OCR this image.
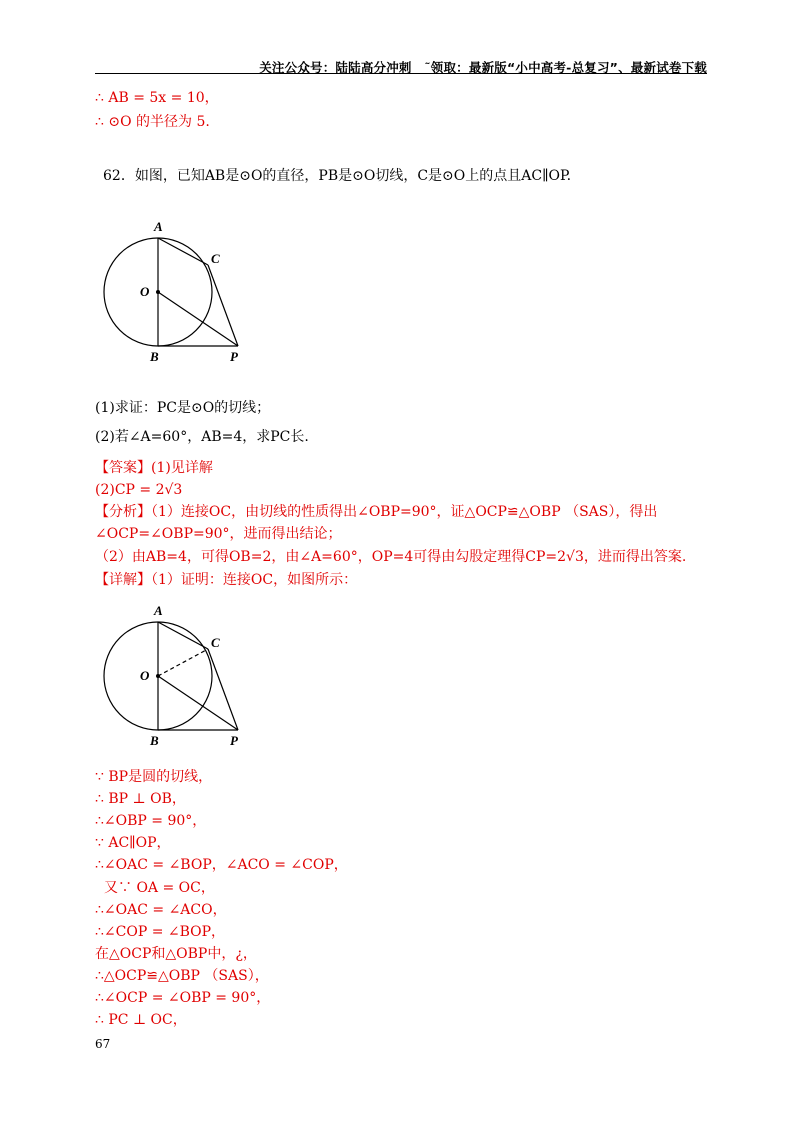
关注公众号：陆陆高分冲刺　˜领取：最新版“小中高考-总复习”、最新试卷下载
∴ AB = 5x = 10，
∴ ⊙O 的半径为 5.
62．如图，已知AB是⊙O的直径，PB是⊙O切线，C是⊙O上的点且AC∥OP.
A
C
O
B	P
(1)求证：PC是⊙O的切线；
(2)若∠A=60°，AB=4，求PC长.
【答案】(1)见详解
(2)CP = 2√3
【分析】（1）连接OC，由切线的性质得出∠OBP=90°，证△OCP≌△OBP （SAS），得出
∠OCP=∠OBP=90°，进而得出结论；
（2）由AB=4，可得OB=2，由∠A=60°，OP=4可得由勾股定理得CP=2√3，进而得出答案.
【详解】（1）证明：连接OC，如图所示：
A
C
O
B	P
∵ BP是圆的切线，
∴ BP ⊥ OB，
∴∠OBP = 90°，
∵ AC∥OP，
∴∠OAC = ∠BOP，∠ACO = ∠COP，
又∵ OA = OC，
∴∠OAC = ∠ACO，
∴∠COP = ∠BOP，
在△OCP和△OBP中，¿，
∴△OCP≌△OBP （SAS），
∴∠OCP = ∠OBP = 90°，
∴ PC ⊥ OC，
67
